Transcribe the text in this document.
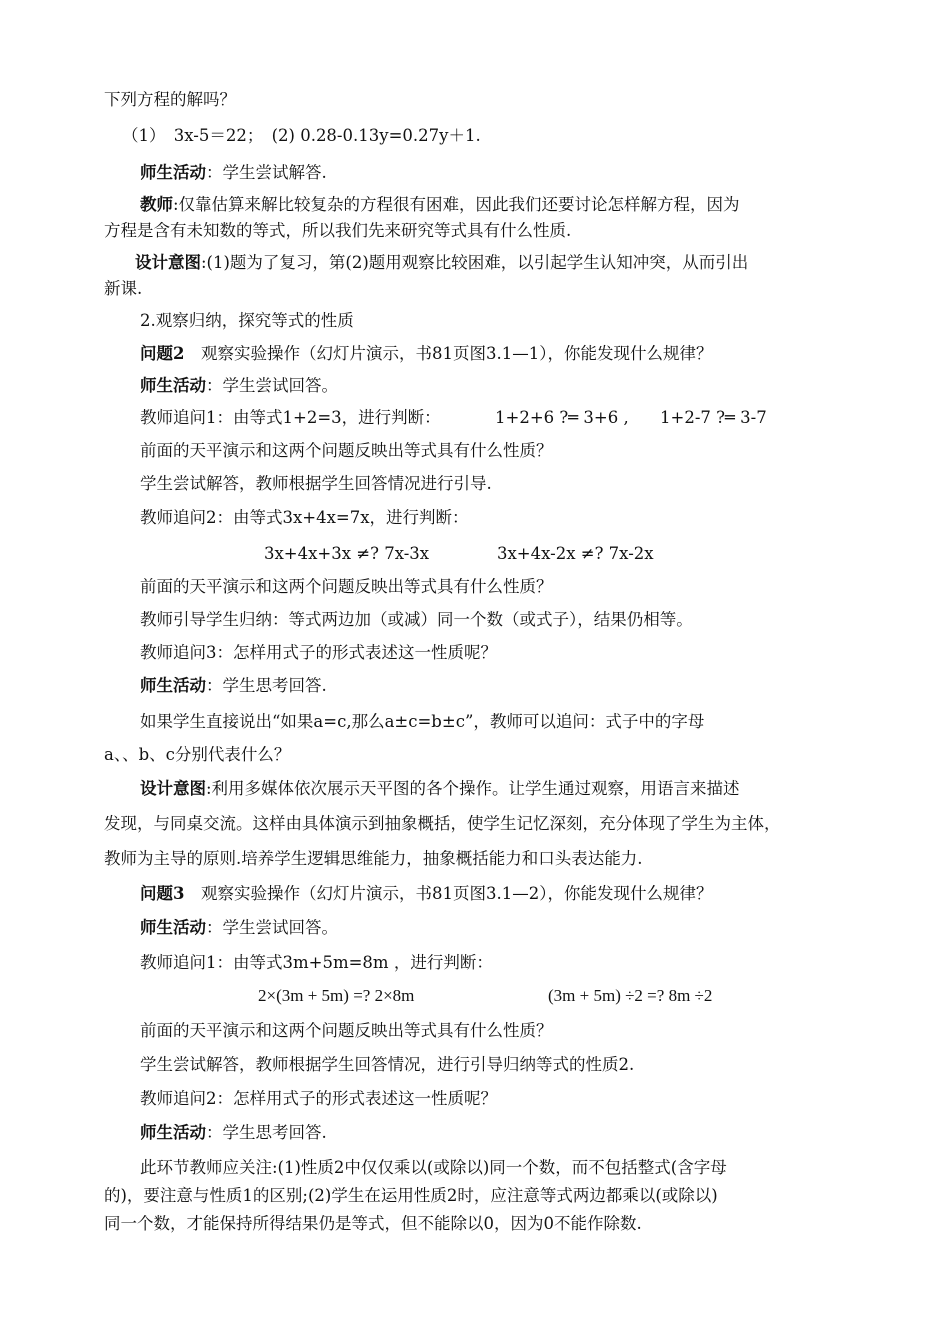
下列方程的解吗？
（1）　3x-5＝22；　(2) 0.28-0.13y=0.27y＋1.
师生活动：学生尝试解答.
教师:仅靠估算来解比较复杂的方程很有困难，因此我们还要讨论怎样解方程，因为
方程是含有未知数的等式，所以我们先来研究等式具有什么性质.
设计意图:(1)题为了复习，第(2)题用观察比较困难，以引起学生认知冲突，从而引出
新课.
2.观察归纳，探究等式的性质
问题2　观察实验操作（幻灯片演示，书81页图3.1—1），你能发现什么规律？
师生活动：学生尝试回答。
教师追问1：由等式1+2=3，进行判断：	1+2+6 ?═ 3+6 , 1+2-7 ?═ 3-7
前面的天平演示和这两个问题反映出等式具有什么性质？
学生尝试解答，教师根据学生回答情况进行引导.
教师追问2：由等式3x+4x=7x，进行判断：
3x+4x+3x ≠? 7x-3x	3x+4x-2x ≠? 7x-2x
前面的天平演示和这两个问题反映出等式具有什么性质？
教师引导学生归纳：等式两边加（或减）同一个数（或式子），结果仍相等。
教师追问3：怎样用式子的形式表述这一性质呢？
师生活动：学生思考回答.
如果学生直接说出“如果a=c,那么a±c=b±c”，教师可以追问：式子中的字母
a、、b、c分别代表什么？
设计意图:利用多媒体依次展示天平图的各个操作。让学生通过观察，用语言来描述
发现，与同桌交流。这样由具体演示到抽象概括，使学生记忆深刻，充分体现了学生为主体，
教师为主导的原则.培养学生逻辑思维能力，抽象概括能力和口头表达能力.
问题3　观察实验操作（幻灯片演示，书81页图3.1—2），你能发现什么规律？
师生活动：学生尝试回答。
教师追问1：由等式3m+5m=8m ，进行判断：
2×(3m + 5m) =? 2×8m	(3m + 5m) ÷2 =? 8m ÷2
前面的天平演示和这两个问题反映出等式具有什么性质？
学生尝试解答，教师根据学生回答情况，进行引导归纳等式的性质2.
教师追问2：怎样用式子的形式表述这一性质呢？
师生活动：学生思考回答.
此环节教师应关注:(1)性质2中仅仅乘以(或除以)同一个数，而不包括整式(含字母
的)，要注意与性质1的区别;(2)学生在运用性质2时，应注意等式两边都乘以(或除以)
同一个数，才能保持所得结果仍是等式，但不能除以0，因为0不能作除数.
